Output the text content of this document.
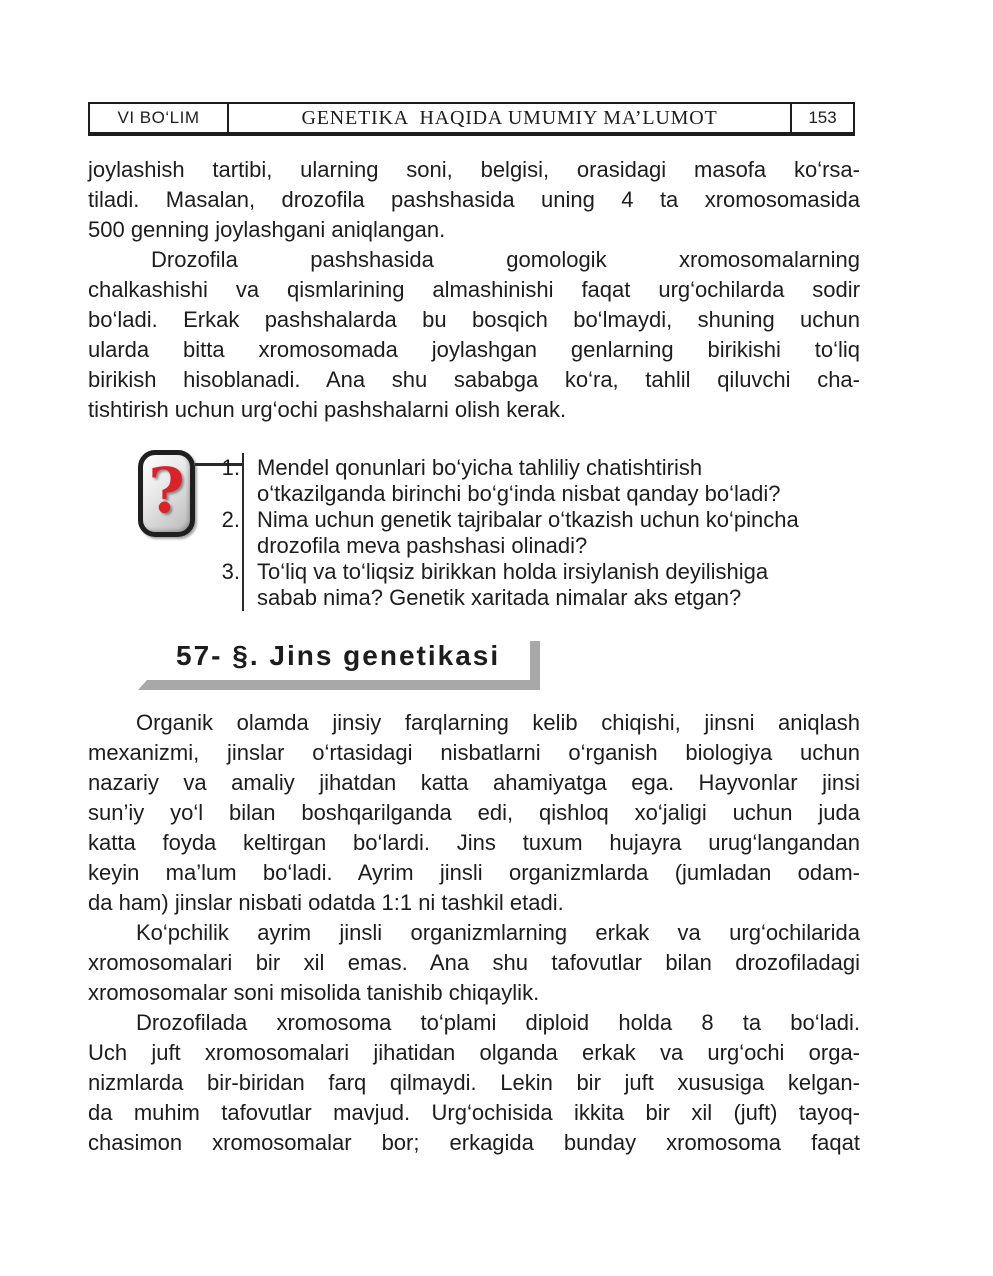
VI BO‘LIM	GENETIKA  HAQIDA UMUMIY MA’LUMOT	153
joylashish tartibi, ularning soni, belgisi, orasidagi masofa ko‘rsa-
tiladi. Masalan, drozofila pashshasida uning 4 ta xromosomasida
500 genning joylashgani aniqlangan.
Drozofila pashshasida gomologik xromosomalarning
chalkashishi va qismlarining almashinishi faqat urg‘ochilarda sodir
bo‘ladi. Erkak pashshalarda bu bosqich bo‘lmaydi, shuning uchun
ularda bitta xromosomada joylashgan genlarning birikishi to‘liq
birikish hisoblanadi. Ana shu sababga ko‘ra, tahlil qiluvchi cha-
tishtirish uchun urg‘ochi pashshalarni olish kerak.
?	1. Mendel qonunlari bo‘yicha tahliliy chatishtirish
o‘tkazilganda birinchi bo‘g‘inda nisbat qanday bo‘ladi?
2. Nima uchun genetik tajribalar o‘tkazish uchun ko‘pincha
drozofila meva pashshasi olinadi?
3. To‘liq va to‘liqsiz birikkan holda irsiylanish deyilishiga
sabab nima? Genetik xaritada nimalar aks etgan?
57- §. Jins genetikasi
Organik olamda jinsiy farqlarning kelib chiqishi, jinsni aniqlash
mexanizmi, jinslar o‘rtasidagi nisbatlarni o‘rganish biologiya uchun
nazariy va amaliy jihatdan katta ahamiyatga ega. Hayvonlar jinsi
sun’iy yo‘l bilan boshqarilganda edi, qishloq xo‘jaligi uchun juda
katta foyda keltirgan bo‘lardi. Jins tuxum hujayra urug‘langandan
keyin ma’lum bo‘ladi. Ayrim jinsli organizmlarda (jumladan odam-
da ham) jinslar nisbati odatda 1:1 ni tashkil etadi.
Ko‘pchilik ayrim jinsli organizmlarning erkak va urg‘ochilarida
xromosomalari bir xil emas. Ana shu tafovutlar bilan drozofiladagi
xromosomalar soni misolida tanishib chiqaylik.
Drozofilada xromosoma to‘plami diploid holda 8 ta bo‘ladi.
Uch juft xromosomalari jihatidan olganda erkak va urg‘ochi orga-
nizmlarda bir-biridan farq qilmaydi. Lekin bir juft xususiga kelgan-
da muhim tafovutlar mavjud. Urg‘ochisida ikkita bir xil (juft) tayoq-
chasimon xromosomalar bor; erkagida bunday xromosoma faqat
